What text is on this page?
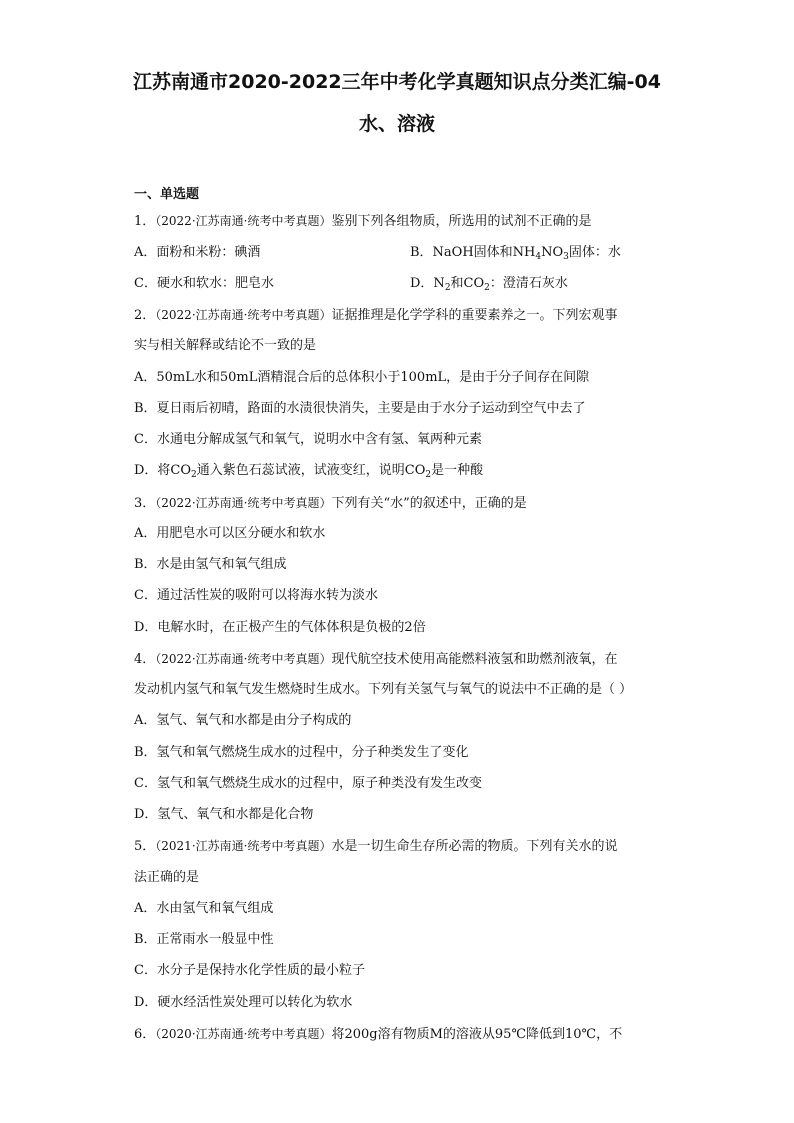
江苏南通市2020-2022三年中考化学真题知识点分类汇编-04
水、溶液
一、单选题
1．（2022·江苏南通·统考中考真题）鉴别下列各组物质，所选用的试剂不正确的是
A．面粉和米粉：碘酒	B．NaOH固体和$NH_4NO_3$固体：水
C．硬水和软水：肥皂水	D．$N_2$和$CO_2$：澄清石灰水
2．（2022·江苏南通·统考中考真题）证据推理是化学学科的重要素养之一。下列宏观事
实与相关解释或结论不一致的是
A．50mL水和50mL酒精混合后的总体积小于100mL，是由于分子间存在间隙
B．夏日雨后初晴，路面的水渍很快消失，主要是由于水分子运动到空气中去了
C．水通电分解成氢气和氧气，说明水中含有氢、氧两种元素
D．将$CO_2$通入紫色石蕊试液，试液变红，说明$CO_2$是一种酸
3．（2022·江苏南通·统考中考真题）下列有关“水”的叙述中，正确的是
A．用肥皂水可以区分硬水和软水
B．水是由氢气和氧气组成
C．通过活性炭的吸附可以将海水转为淡水
D．电解水时，在正极产生的气体体积是负极的2倍
4．（2022·江苏南通·统考中考真题）现代航空技术使用高能燃料液氢和助燃剂液氧，在
发动机内氢气和氧气发生燃烧时生成水。下列有关氢气与氧气的说法中不正确的是（ ）
A．氢气、氧气和水都是由分子构成的
B．氢气和氧气燃烧生成水的过程中，分子种类发生了变化
C．氢气和氧气燃烧生成水的过程中，原子种类没有发生改变
D．氢气、氧气和水都是化合物
5．（2021·江苏南通·统考中考真题）水是一切生命生存所必需的物质。下列有关水的说
法正确的是
A．水由氢气和氧气组成
B．正常雨水一般显中性
C．水分子是保持水化学性质的最小粒子
D．硬水经活性炭处理可以转化为软水
6．（2020·江苏南通·统考中考真题）将200g溶有物质M的溶液从95℃降低到10℃，不
